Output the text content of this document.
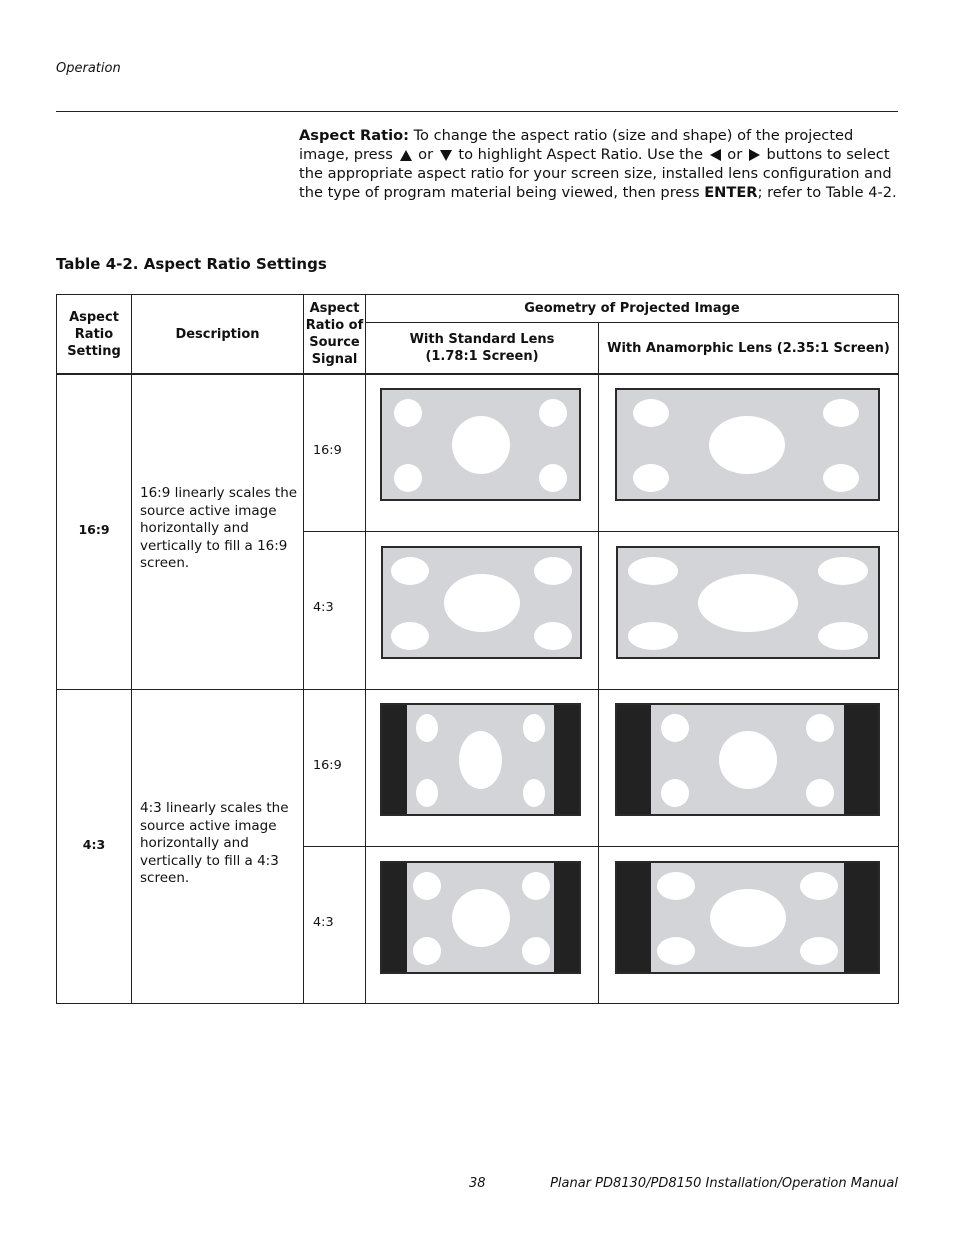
Operation
Aspect Ratio: To change the aspect ratio (size and shape) of the projected image, press  or  to highlight Aspect Ratio. Use the  or  buttons to select the appropriate aspect ratio for your screen size, installed lens configuration and the type of program material being viewed, then press ENTER; refer to Table 4-2.
Table 4-2. Aspect Ratio Settings
Aspect Ratio Setting
Description
Aspect Ratio of Source Signal
Geometry of Projected Image
With Standard Lens (1.78:1 Screen)
With Anamorphic Lens (2.35:1 Screen)
16:9
16:9 linearly scales the source active image horizontally and vertically to fill a 16:9 screen.
16:9
4:3
4:3
4:3 linearly scales the source active image horizontally and vertically to fill a 4:3 screen.
16:9
4:3
38	Planar PD8130/PD8150 Installation/Operation Manual
